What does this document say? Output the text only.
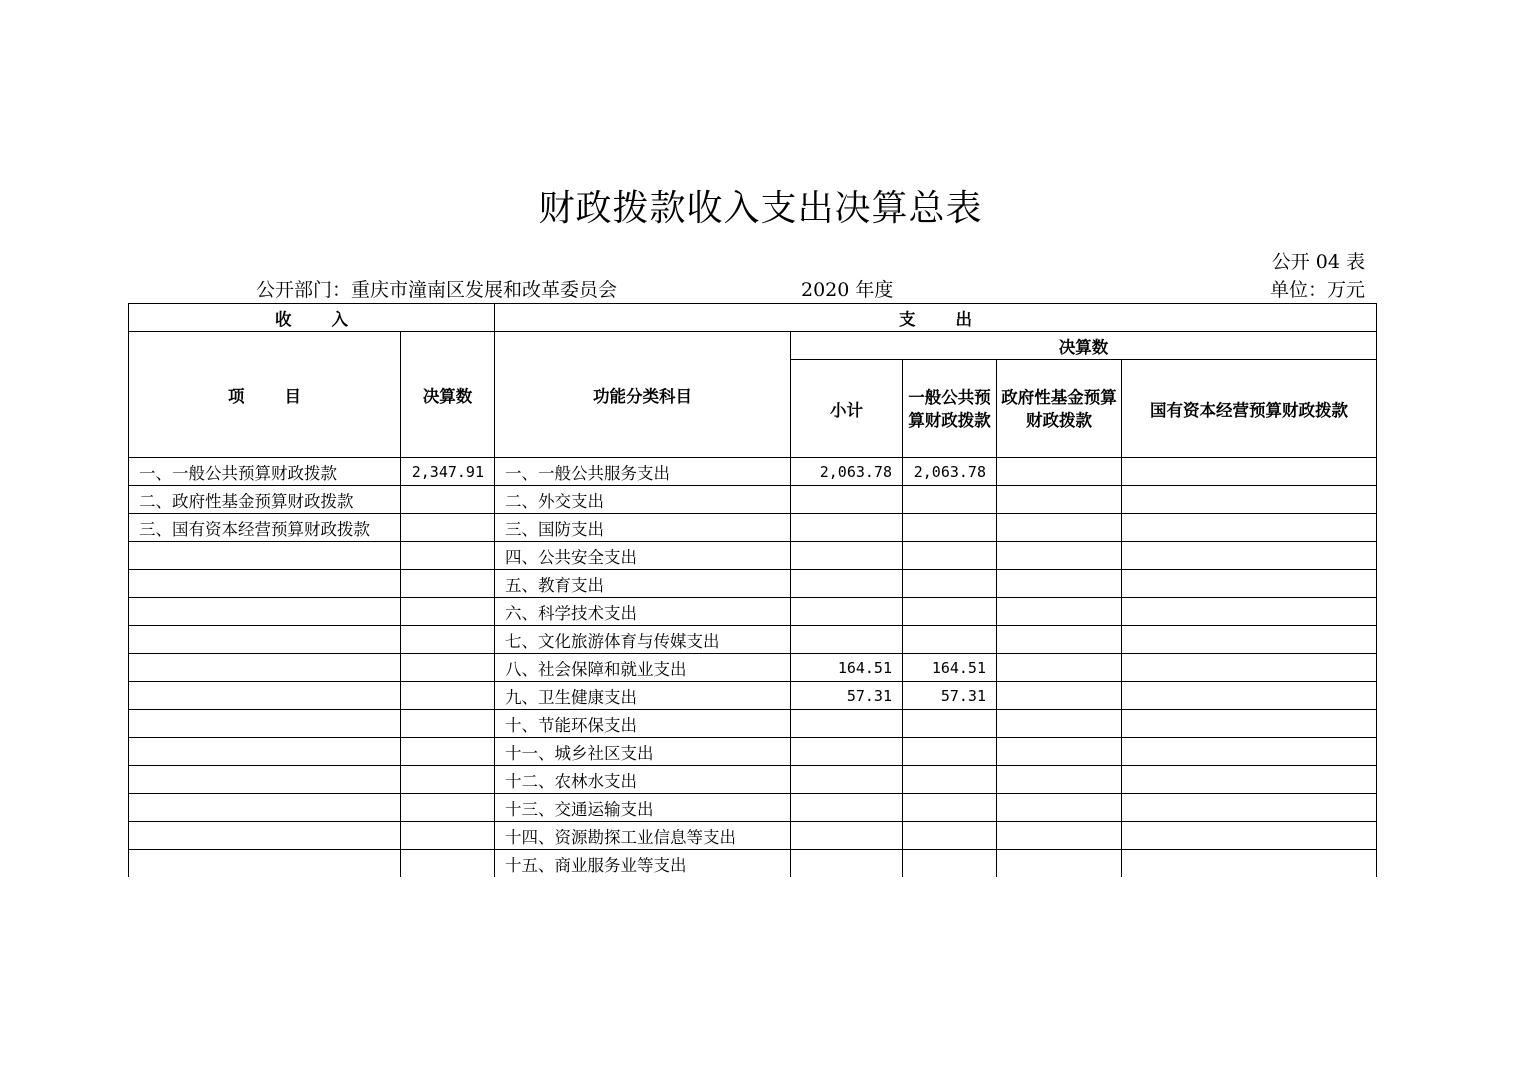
财政拨款收入支出决算总表
公开 04 表
公开部门：重庆市潼南区发展和改革委员会	2020 年度	单位：万元
收入		支出				
项目	决算数	功能分类科目	决算数			
			小计	一般公共预算财政拨款	政府性基金预算财政拨款	国有资本经营预算财政拨款
一、一般公共预算财政拨款	2,347.91	一、一般公共服务支出	2,063.78	2,063.78		
二、政府性基金预算财政拨款		二、外交支出				
三、国有资本经营预算财政拨款		三、国防支出				
		四、公共安全支出				
		五、教育支出				
		六、科学技术支出				
		七、文化旅游体育与传媒支出				
		八、社会保障和就业支出	164.51	164.51		
		九、卫生健康支出	57.31	57.31		
		十、节能环保支出				
		十一、城乡社区支出				
		十二、农林水支出				
		十三、交通运输支出				
		十四、资源勘探工业信息等支出				
		十五、商业服务业等支出				
